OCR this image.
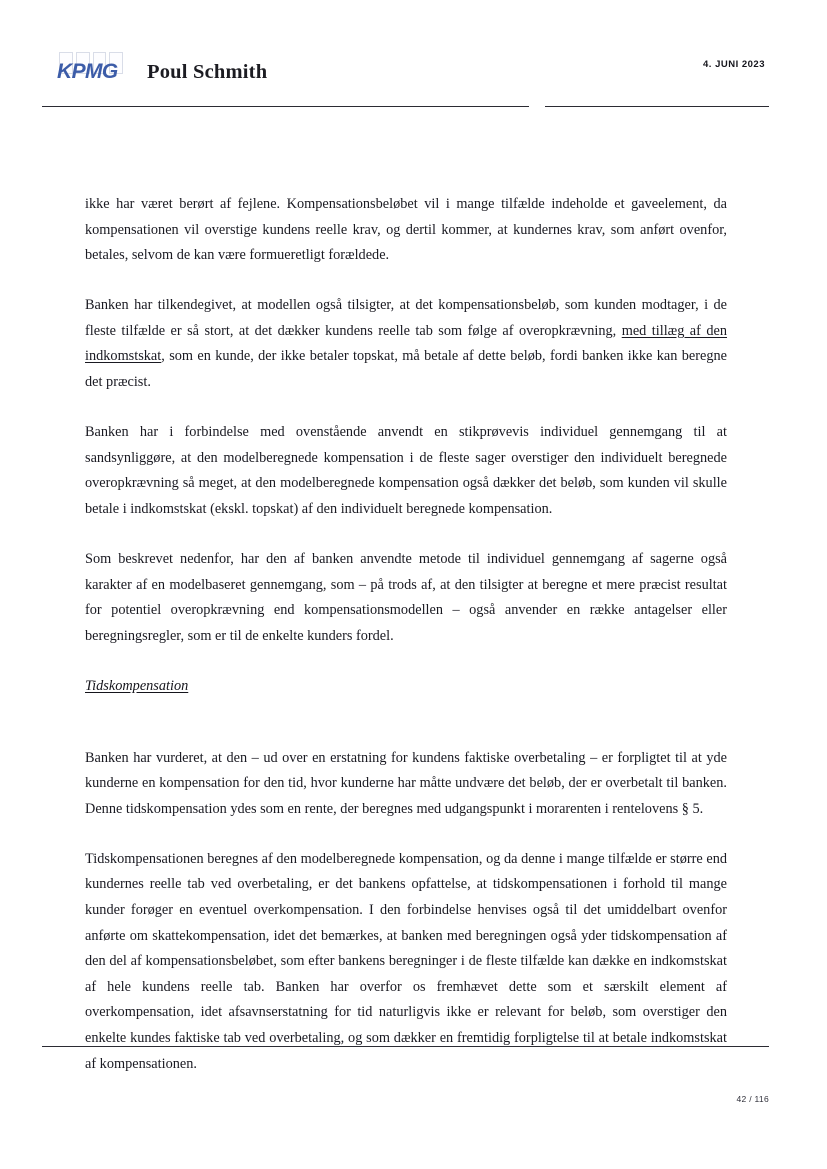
KPMG Poul Schmith	4. JUNI 2023

ikke har været berørt af fejlene. Kompensationsbeløbet vil i mange tilfælde indeholde et gaveelement, da kompensationen vil overstige kundens reelle krav, og dertil kommer, at kundernes krav, som anført ovenfor, betales, selvom de kan være formueretligt forældede.

Banken har tilkendegivet, at modellen også tilsigter, at det kompensationsbeløb, som kunden modtager, i de fleste tilfælde er så stort, at det dækker kundens reelle tab som følge af overopkrævning, med tillæg af den indkomstskat, som en kunde, der ikke betaler topskat, må betale af dette beløb, fordi banken ikke kan beregne det præcist.

Banken har i forbindelse med ovenstående anvendt en stikprøvevis individuel gennemgang til at sandsynliggøre, at den modelberegnede kompensation i de fleste sager overstiger den individuelt beregnede overopkrævning så meget, at den modelberegnede kompensation også dækker det beløb, som kunden vil skulle betale i indkomstskat (ekskl. topskat) af den individuelt beregnede kompensation.

Som beskrevet nedenfor, har den af banken anvendte metode til individuel gennemgang af sagerne også karakter af en modelbaseret gennemgang, som – på trods af, at den tilsigter at beregne et mere præcist resultat for potentiel overopkrævning end kompensationsmodellen – også anvender en række antagelser eller beregningsregler, som er til de enkelte kunders fordel.

Tidskompensation

Banken har vurderet, at den – ud over en erstatning for kundens faktiske overbetaling – er forpligtet til at yde kunderne en kompensation for den tid, hvor kunderne har måtte undvære det beløb, der er overbetalt til banken. Denne tidskompensation ydes som en rente, der beregnes med udgangspunkt i morarenten i rentelovens § 5.

Tidskompensationen beregnes af den modelberegnede kompensation, og da denne i mange tilfælde er større end kundernes reelle tab ved overbetaling, er det bankens opfattelse, at tidskompensationen i forhold til mange kunder forøger en eventuel overkompensation. I den forbindelse henvises også til det umiddelbart ovenfor anførte om skattekompensation, idet det bemærkes, at banken med beregningen også yder tidskompensation af den del af kompensationsbeløbet, som efter bankens beregninger i de fleste tilfælde kan dække en indkomstskat af hele kundens reelle tab. Banken har overfor os fremhævet dette som et særskilt element af overkompensation, idet afsavnserstatning for tid naturligvis ikke er relevant for beløb, som overstiger den enkelte kundes faktiske tab ved overbetaling, og som dækker en fremtidig forpligtelse til at betale indkomstskat af kompensationen.

42 / 116
